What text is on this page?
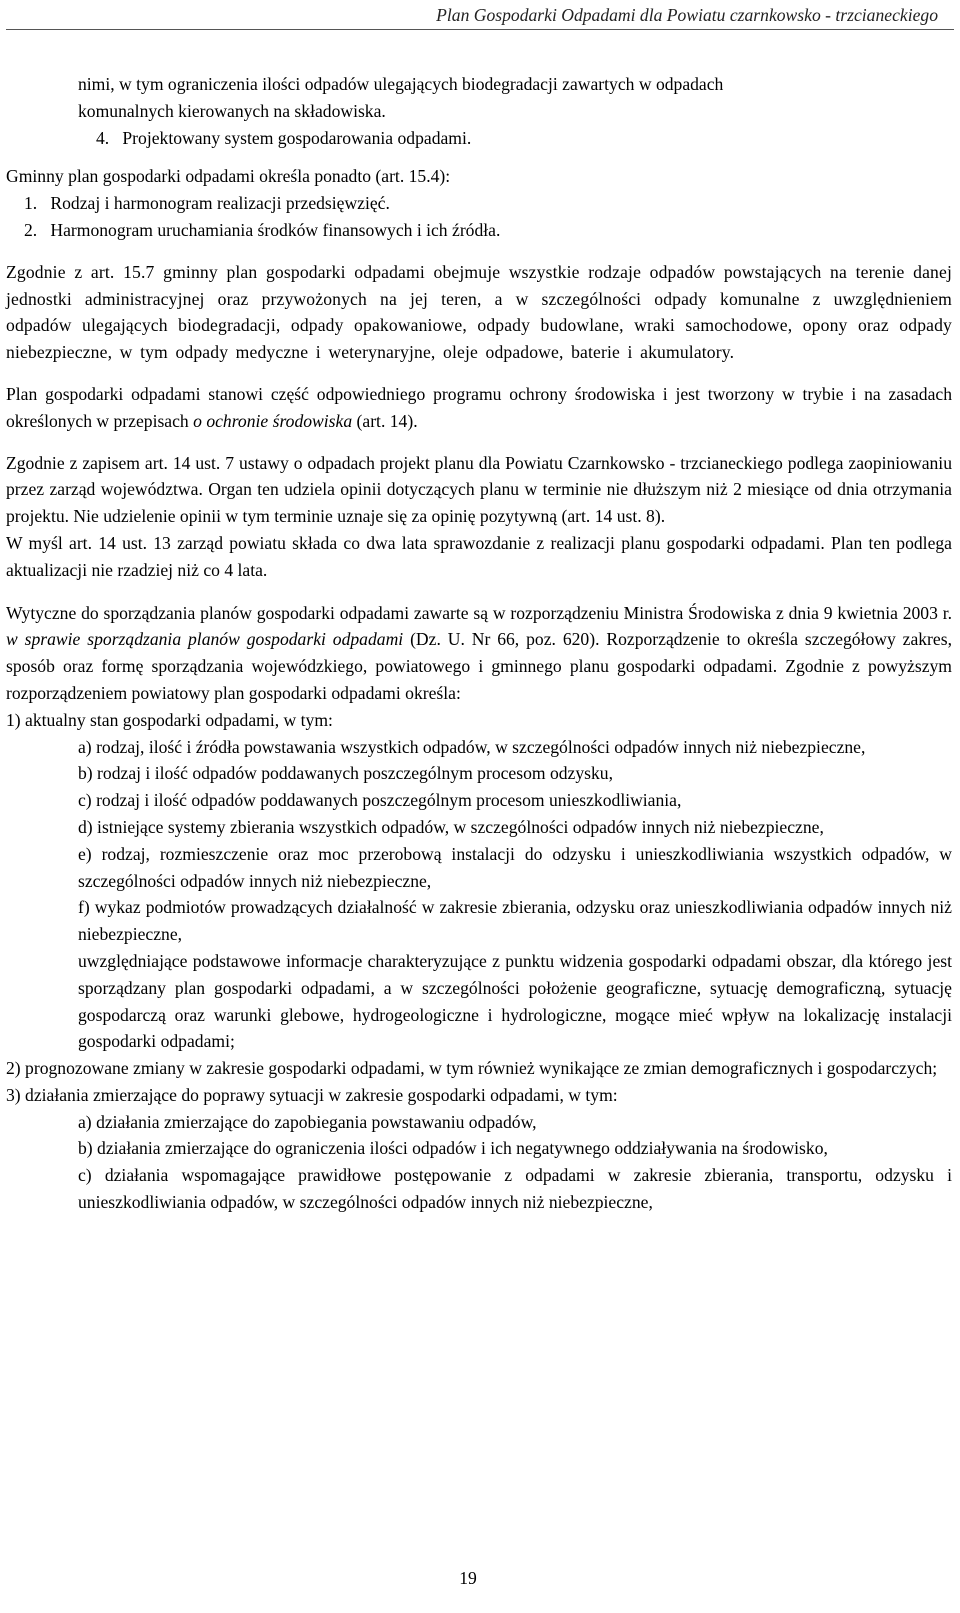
Plan Gospodarki Odpadami dla Powiatu czarnkowsko - trzcianeckiego

nimi, w tym ograniczenia ilości odpadów ulegających biodegradacji zawartych w odpadach

komunalnych kierowanych na składowiska.

4.   Projektowany system gospodarowania odpadami.

Gminny plan gospodarki odpadami określa ponadto (art. 15.4):

1.   Rodzaj i harmonogram realizacji przedsięwzięć.

2.   Harmonogram uruchamiania środków finansowych i ich źródła.

Zgodnie z art. 15.7 gminny plan gospodarki odpadami obejmuje wszystkie rodzaje odpadów powstających na terenie danej jednostki administracyjnej oraz przywożonych na jej teren, a w szczególności odpady komunalne z uwzględnieniem odpadów ulegających biodegradacji, odpady opakowaniowe, odpady budowlane, wraki samochodowe, opony oraz odpady niebezpieczne, w tym odpady medyczne i weterynaryjne, oleje odpadowe, baterie i akumulatory.

Plan gospodarki odpadami stanowi część odpowiedniego programu ochrony środowiska i jest tworzony w trybie i na zasadach określonych w przepisach o ochronie środowiska (art. 14).

Zgodnie z zapisem art. 14 ust. 7 ustawy o odpadach projekt planu dla Powiatu Czarnkowsko - trzcianeckiego podlega zaopiniowaniu przez zarząd województwa. Organ ten udziela opinii dotyczących planu w terminie nie dłuższym niż 2 miesiące od dnia otrzymania projektu. Nie udzielenie opinii w tym terminie uznaje się za opinię pozytywną (art. 14 ust. 8).

W myśl art. 14 ust. 13 zarząd powiatu składa co dwa lata sprawozdanie z realizacji planu gospodarki odpadami. Plan ten podlega aktualizacji nie rzadziej niż co 4 lata.

Wytyczne do sporządzania planów gospodarki odpadami zawarte są w rozporządzeniu Ministra Środowiska z dnia 9 kwietnia 2003 r. w sprawie sporządzania planów gospodarki odpadami (Dz. U. Nr 66, poz. 620). Rozporządzenie to określa szczegółowy zakres, sposób oraz formę sporządzania wojewódzkiego, powiatowego i gminnego planu gospodarki odpadami. Zgodnie z powyższym rozporządzeniem powiatowy plan gospodarki odpadami określa:

1) aktualny stan gospodarki odpadami, w tym:

a) rodzaj, ilość i źródła powstawania wszystkich odpadów, w szczególności odpadów innych niż niebezpieczne,

b) rodzaj i ilość odpadów poddawanych poszczególnym procesom odzysku,

c) rodzaj i ilość odpadów poddawanych poszczególnym procesom unieszkodliwiania,

d) istniejące systemy zbierania wszystkich odpadów, w szczególności odpadów innych niż niebezpieczne,

e) rodzaj, rozmieszczenie oraz moc przerobową instalacji do odzysku i unieszkodliwiania wszystkich odpadów, w szczególności odpadów innych niż niebezpieczne,

f) wykaz podmiotów prowadzących działalność w zakresie zbierania, odzysku oraz unieszkodliwiania odpadów innych niż niebezpieczne,

uwzględniające podstawowe informacje charakteryzujące z punktu widzenia gospodarki odpadami obszar, dla którego jest sporządzany plan gospodarki odpadami, a w szczególności położenie geograficzne, sytuację demograficzną, sytuację gospodarczą oraz warunki glebowe, hydrogeologiczne i hydrologiczne, mogące mieć wpływ na lokalizację instalacji gospodarki odpadami;

2) prognozowane zmiany w zakresie gospodarki odpadami, w tym również wynikające ze zmian demograficznych i gospodarczych;

3) działania zmierzające do poprawy sytuacji w zakresie gospodarki odpadami, w tym:

a) działania zmierzające do zapobiegania powstawaniu odpadów,

b) działania zmierzające do ograniczenia ilości odpadów i ich negatywnego oddziaływania na środowisko,

c) działania wspomagające prawidłowe postępowanie z odpadami w zakresie zbierania, transportu, odzysku i unieszkodliwiania odpadów, w szczególności odpadów innych niż niebezpieczne,

19
